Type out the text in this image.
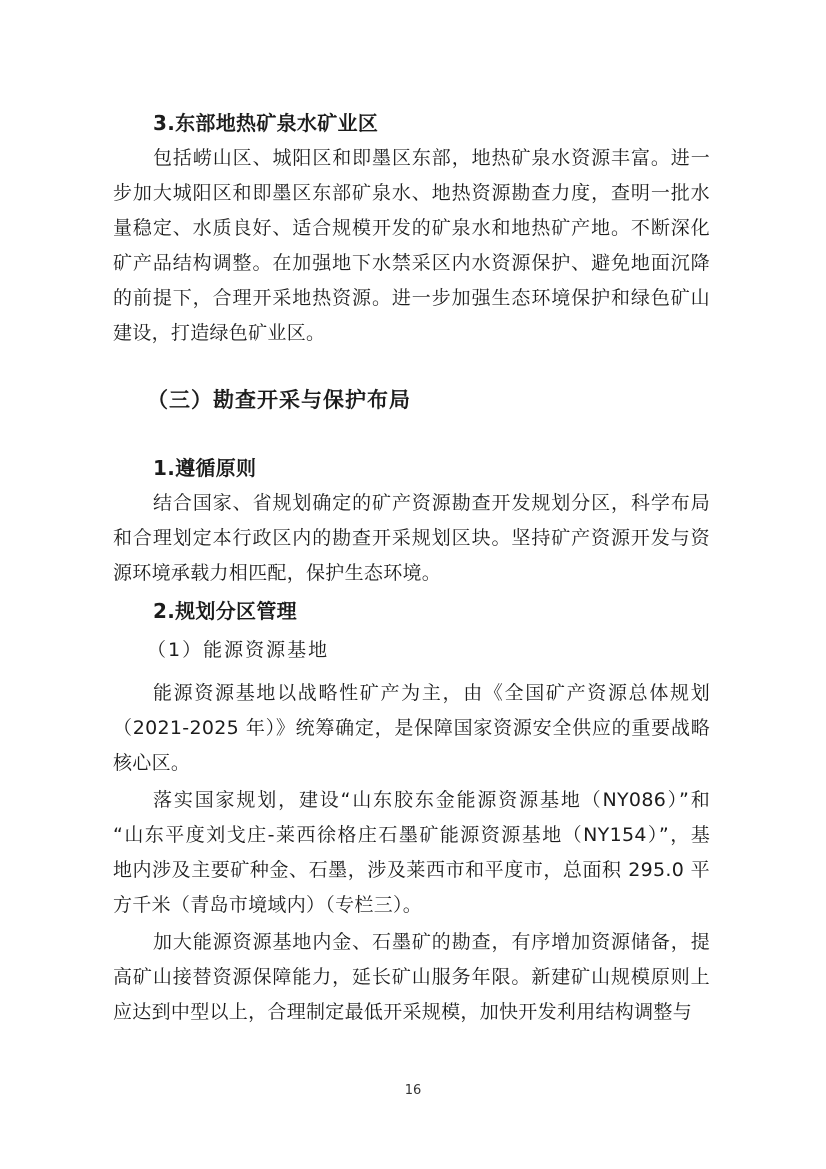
3.东部地热矿泉水矿业区
包括崂山区、城阳区和即墨区东部，地热矿泉水资源丰富。进一
步加大城阳区和即墨区东部矿泉水、地热资源勘查力度，查明一批水
量稳定、水质良好、适合规模开发的矿泉水和地热矿产地。不断深化
矿产品结构调整。在加强地下水禁采区内水资源保护、避免地面沉降
的前提下，合理开采地热资源。进一步加强生态环境保护和绿色矿山
建设，打造绿色矿业区。
（三）勘查开采与保护布局
1.遵循原则
结合国家、省规划确定的矿产资源勘查开发规划分区，科学布局
和合理划定本行政区内的勘查开采规划区块。坚持矿产资源开发与资
源环境承载力相匹配，保护生态环境。
2.规划分区管理
（1）能源资源基地
能源资源基地以战略性矿产为主，由《全国矿产资源总体规划
（2021-2025 年）》统筹确定，是保障国家资源安全供应的重要战略
核心区。
落实国家规划，建设“山东胶东金能源资源基地（NY086）”和
“山东平度刘戈庄-莱西徐格庄石墨矿能源资源基地（NY154）”，基
地内涉及主要矿种金、石墨，涉及莱西市和平度市，总面积 295.0 平
方千米（青岛市境域内）（专栏三）。
加大能源资源基地内金、石墨矿的勘查，有序增加资源储备，提
高矿山接替资源保障能力，延长矿山服务年限。新建矿山规模原则上
应达到中型以上，合理制定最低开采规模，加快开发利用结构调整与
16
